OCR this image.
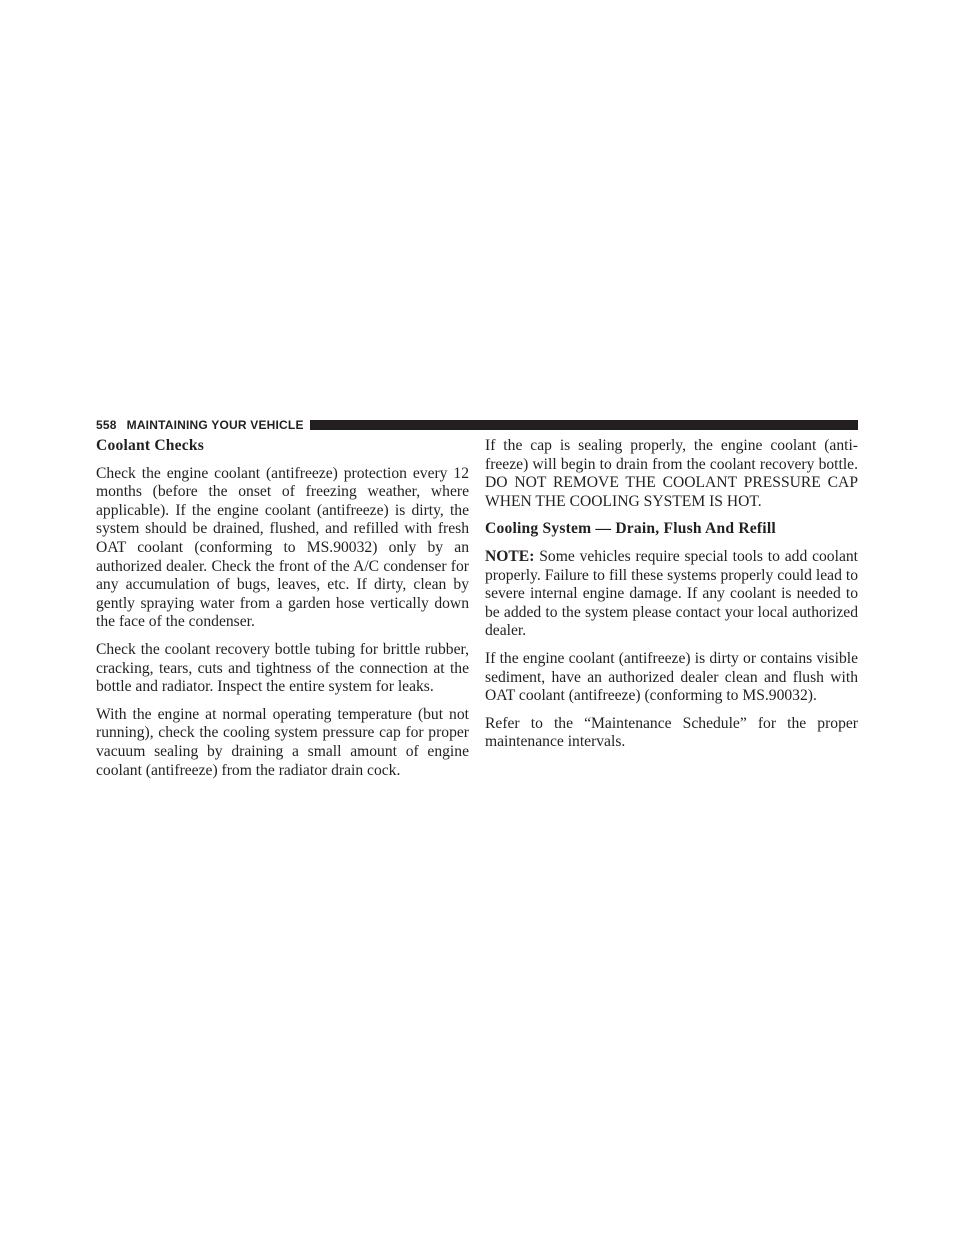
558 MAINTAINING YOUR VEHICLE
Coolant Checks

Check the engine coolant (antifreeze) protection every 12 months (before the onset of freezing weather, where applicable). If the engine coolant (antifreeze) is dirty, the system should be drained, flushed, and refilled with fresh OAT coolant (conforming to MS.90032) only by an authorized dealer. Check the front of the A/C condenser for any accumulation of bugs, leaves, etc. If dirty, clean by gently spraying water from a garden hose vertically down the face of the condenser.

Check the coolant recovery bottle tubing for brittle rubber, cracking, tears, cuts and tightness of the connection at the bottle and radiator. Inspect the entire system for leaks.

With the engine at normal operating temperature (but not running), check the cooling system pressure cap for proper vacuum sealing by draining a small amount of engine coolant (antifreeze) from the radiator drain cock.

If the cap is sealing properly, the engine coolant (antifreeze) will begin to drain from the coolant recovery bottle. DO NOT REMOVE THE COOLANT PRESSURE CAP WHEN THE COOLING SYSTEM IS HOT.

Cooling System — Drain, Flush And Refill

NOTE: Some vehicles require special tools to add coolant properly. Failure to fill these systems properly could lead to severe internal engine damage. If any coolant is needed to be added to the system please contact your local authorized dealer.

If the engine coolant (antifreeze) is dirty or contains visible sediment, have an authorized dealer clean and flush with OAT coolant (antifreeze) (conforming to MS.90032).

Refer to the “Maintenance Schedule” for the proper maintenance intervals.
